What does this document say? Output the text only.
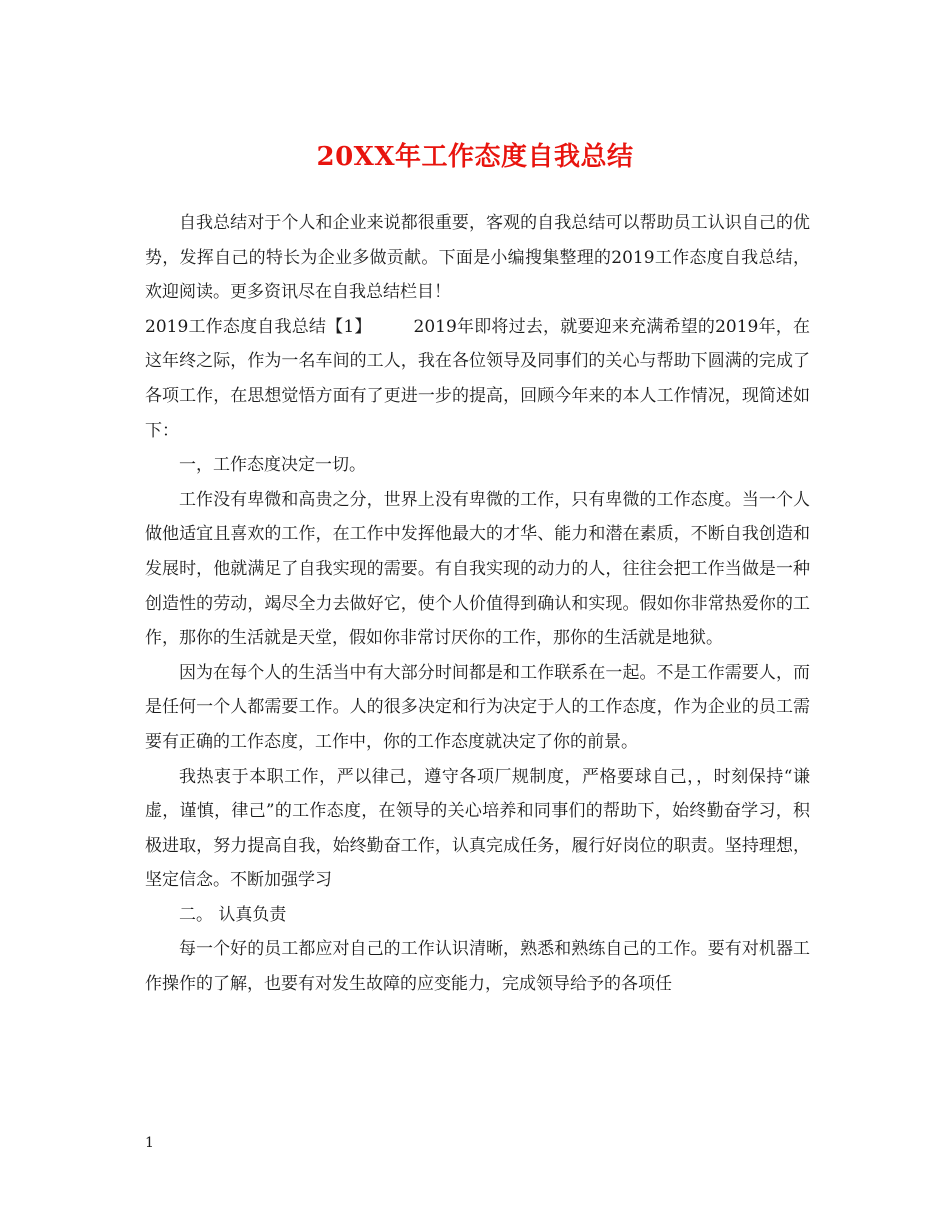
20XX年工作态度自我总结

自我总结对于个人和企业来说都很重要，客观的自我总结可以帮助员工认识自己的优势，发挥自己的特长为企业多做贡献。下面是小编搜集整理的2019工作态度自我总结，欢迎阅读。更多资讯尽在自我总结栏目！

2019工作态度自我总结【1】 2019年即将过去，就要迎来充满希望的2019年，在这年终之际，作为一名车间的工人，我在各位领导及同事们的关心与帮助下圆满的完成了各项工作，在思想觉悟方面有了更进一步的提高，回顾今年来的本人工作情况，现简述如下：

一，工作态度决定一切。

工作没有卑微和高贵之分，世界上没有卑微的工作，只有卑微的工作态度。当一个人做他适宜且喜欢的工作，在工作中发挥他最大的才华、能力和潜在素质，不断自我创造和发展时，他就满足了自我实现的需要。有自我实现的动力的人，往往会把工作当做是一种创造性的劳动，竭尽全力去做好它，使个人价值得到确认和实现。假如你非常热爱你的工作，那你的生活就是天堂，假如你非常讨厌你的工作，那你的生活就是地狱。

因为在每个人的生活当中有大部分时间都是和工作联系在一起。不是工作需要人，而是任何一个人都需要工作。人的很多决定和行为决定于人的工作态度，作为企业的员工需要有正确的工作态度，工作中，你的工作态度就决定了你的前景。

我热衷于本职工作，严以律己，遵守各项厂规制度，严格要球自己，，时刻保持“谦虚，谨慎，律己”的工作态度，在领导的关心培养和同事们的帮助下，始终勤奋学习，积极进取，努力提高自我，始终勤奋工作，认真完成任务，履行好岗位的职责。坚持理想，坚定信念。不断加强学习

二。 认真负责

每一个好的员工都应对自己的工作认识清晰，熟悉和熟练自己的工作。要有对机器工作操作的了解，也要有对发生故障的应变能力，完成领导给予的各项任

1
